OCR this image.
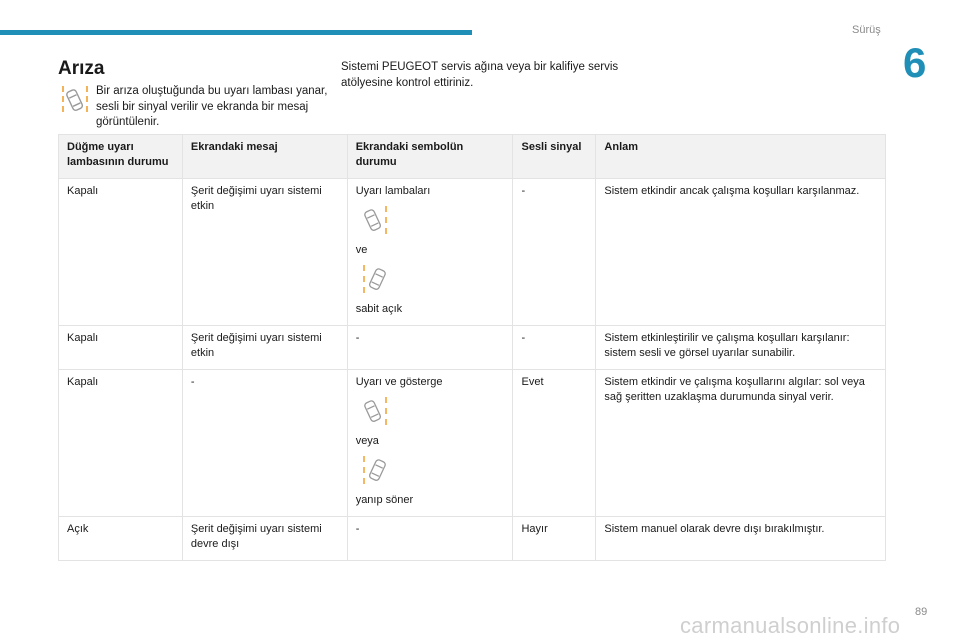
Sürüş
6
Arıza
Bir arıza oluştuğunda bu uyarı lambası yanar, sesli bir sinyal verilir ve ekranda bir mesaj görüntülenir.
Sistemi PEUGEOT servis ağına veya bir kalifiye servis atölyesine kontrol ettiriniz.
Düğme uyarı lambasının durumu	Ekrandaki mesaj	Ekrandaki sembolün durumu	Sesli sinyal	Anlam
Kapalı	Şerit değişimi uyarı sistemi etkin	Uyarı lambaları
ve
sabit açık	-	Sistem etkindir ancak çalışma koşulları karşılanmaz.
Kapalı	Şerit değişimi uyarı sistemi etkin	-	-	Sistem etkinleştirilir ve çalışma koşulları karşılanır: sistem sesli ve görsel uyarılar sunabilir.
Kapalı	-	Uyarı ve gösterge
veya
yanıp söner	Evet	Sistem etkindir ve çalışma koşullarını algılar: sol veya sağ şeritten uzaklaşma durumunda sinyal verir.
Açık	Şerit değişimi uyarı sistemi devre dışı	-	Hayır	Sistem manuel olarak devre dışı bırakılmıştır.
carmanualsonline.info
89
